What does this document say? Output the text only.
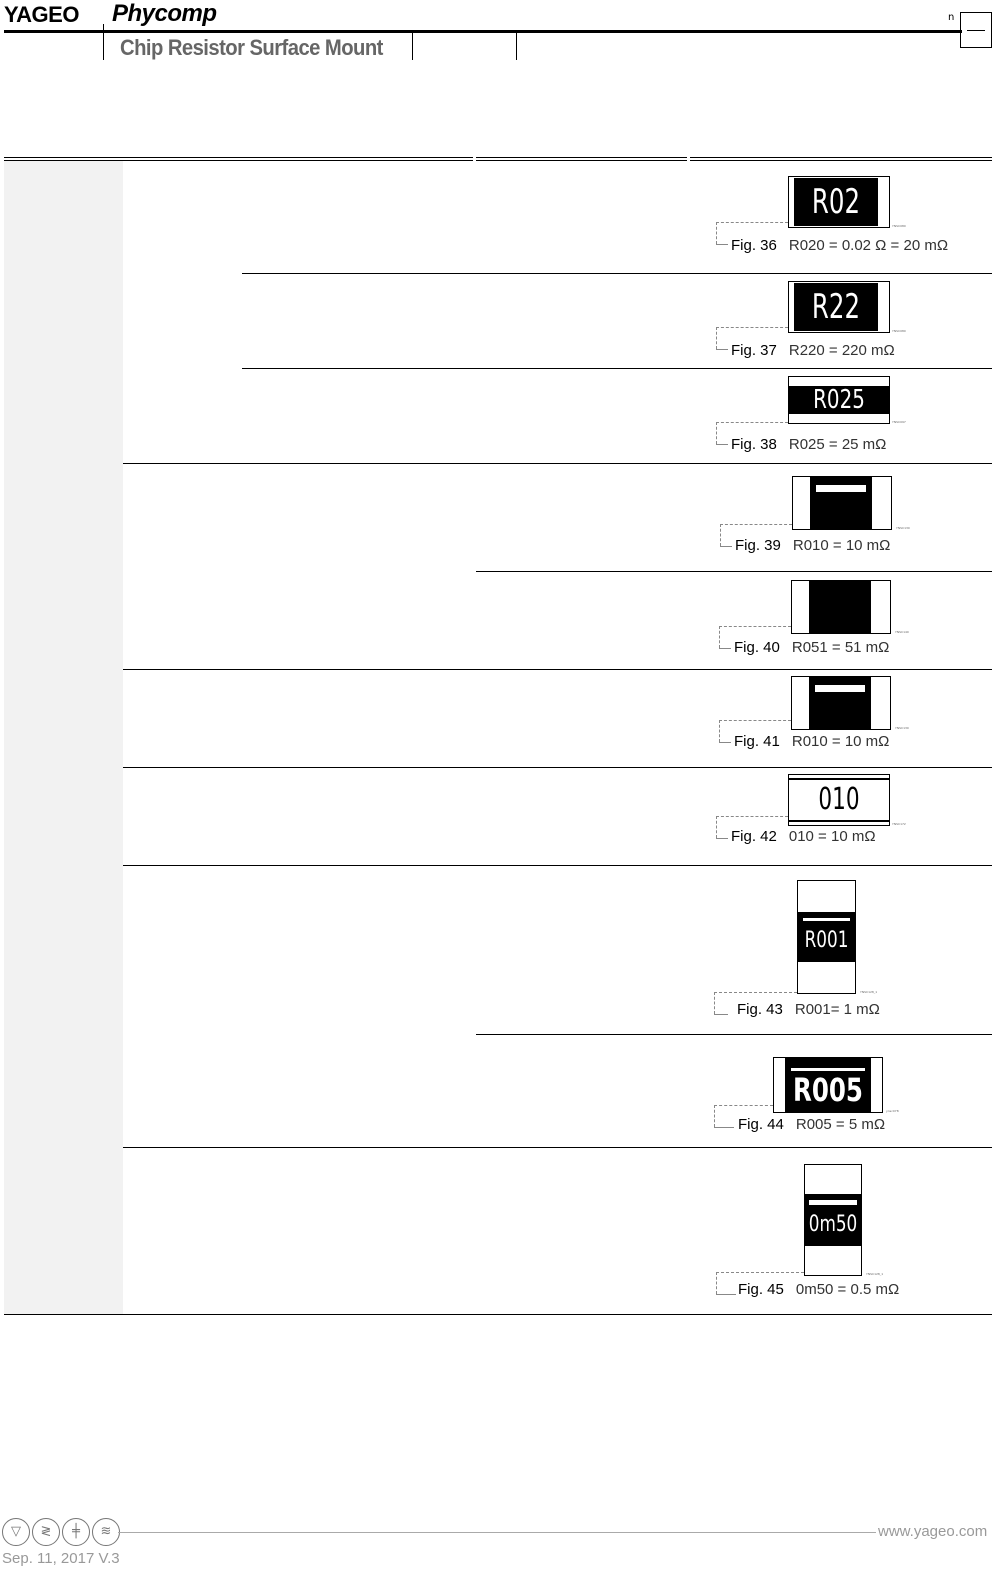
YAGEO Phycomp
Chip Resistor Surface Mount
n
R02
YNSC080
Fig. 36 R020 = 0.02 Ω = 20 mΩ
R22
YNSC080
Fig. 37 R220 = 220 mΩ
R025
YNSC097
Fig. 38 R025 = 25 mΩ
YNSC130
Fig. 39 R010 = 10 mΩ
YNSC140
Fig. 40 R051 = 51 mΩ
YNSC130
Fig. 41 R010 = 10 mΩ
010
YNSC172
Fig. 42 010 = 10 mΩ
R001
YNSC128_1
Fig. 43 R001= 1 mΩ
R005
ynsc078
Fig. 44 R005 = 5 mΩ
0m50
YNSC128_1
Fig. 45 0m50 = 0.5 mΩ
▽	≷	╪	≋	www.yageo.com
Sep. 11, 2017 V.3
